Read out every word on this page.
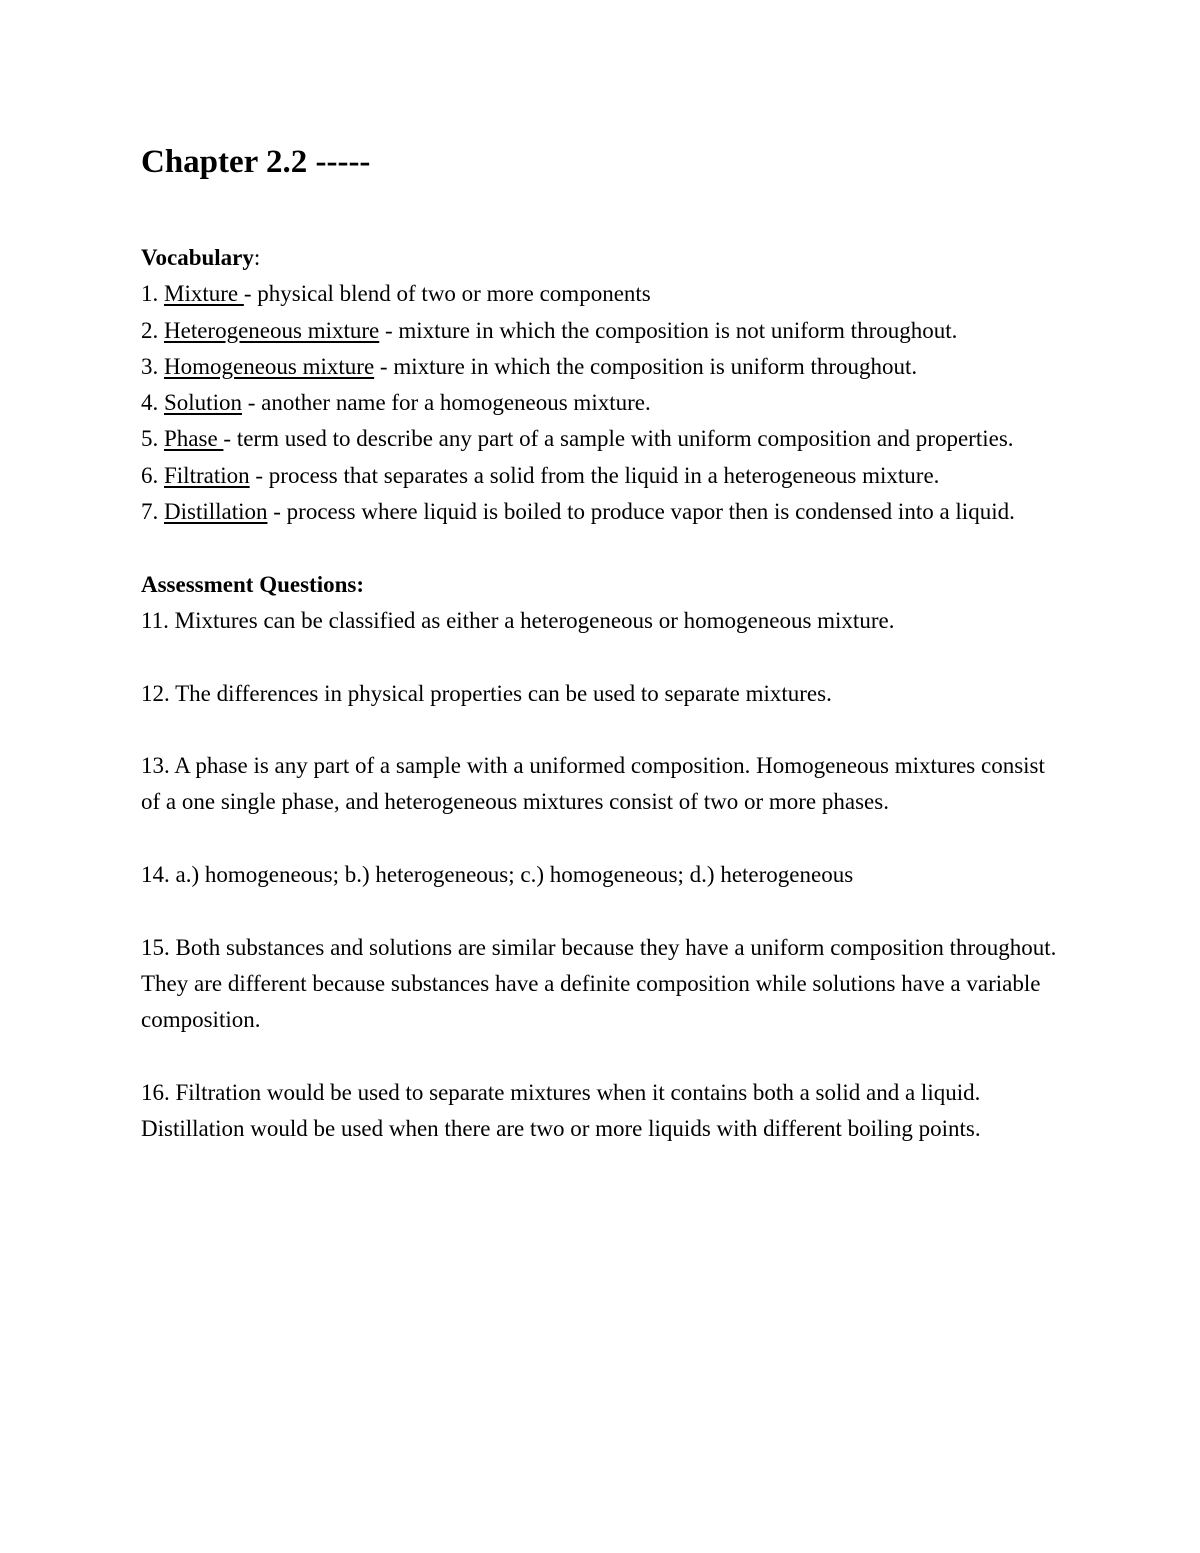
Chapter 2.2 -----
Vocabulary:

1. Mixture - physical blend of two or more components

2. Heterogeneous mixture - mixture in which the composition is not uniform throughout.

3. Homogeneous mixture - mixture in which the composition is uniform throughout.

4. Solution - another name for a homogeneous mixture.

5. Phase - term used to describe any part of a sample with uniform composition and properties.

6. Filtration - process that separates a solid from the liquid in a heterogeneous mixture.

7. Distillation - process where liquid is boiled to produce vapor then is condensed into a liquid.

Assessment Questions:

11. Mixtures can be classified as either a heterogeneous or homogeneous mixture.

12. The differences in physical properties can be used to separate mixtures.

13. A phase is any part of a sample with a uniformed composition. Homogeneous mixtures consist of a one single phase, and heterogeneous mixtures consist of two or more phases.

14. a.) homogeneous; b.) heterogeneous; c.) homogeneous; d.) heterogeneous

15. Both substances and solutions are similar because they have a uniform composition throughout. They are different because substances have a definite composition while solutions have a variable composition.

16. Filtration would be used to separate mixtures when it contains both a solid and a liquid. Distillation would be used when there are two or more liquids with different boiling points.
